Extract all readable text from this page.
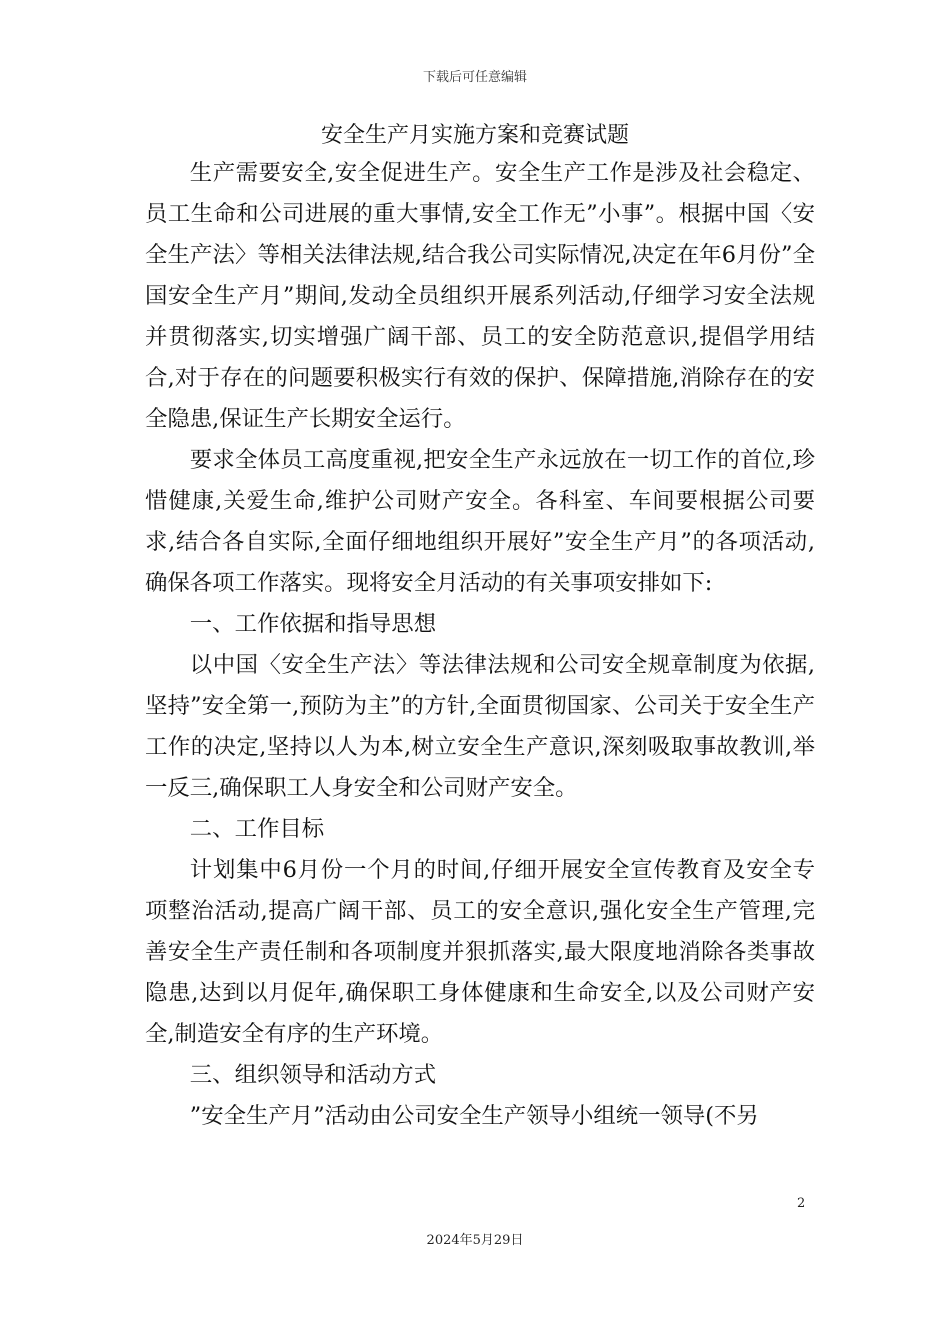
下载后可任意编辑
安全生产月实施方案和竞赛试题

生产需要安全,安全促进生产。安全生产工作是涉及社会稳定、员工生命和公司进展的重大事情,安全工作无”小事”。根据中国〈安全生产法〉等相关法律法规,结合我公司实际情况,决定在年6月份”全国安全生产月”期间,发动全员组织开展系列活动,仔细学习安全法规并贯彻落实,切实增强广阔干部、员工的安全防范意识,提倡学用结合,对于存在的问题要积极实行有效的保护、保障措施,消除存在的安全隐患,保证生产长期安全运行。

要求全体员工高度重视,把安全生产永远放在一切工作的首位,珍惜健康,关爱生命,维护公司财产安全。各科室、车间要根据公司要求,结合各自实际,全面仔细地组织开展好”安全生产月”的各项活动,确保各项工作落实。现将安全月活动的有关事项安排如下:

一、工作依据和指导思想

以中国〈安全生产法〉等法律法规和公司安全规章制度为依据,坚持”安全第一,预防为主”的方针,全面贯彻国家、公司关于安全生产工作的决定,坚持以人为本,树立安全生产意识,深刻吸取事故教训,举一反三,确保职工人身安全和公司财产安全。

二、工作目标

计划集中6月份一个月的时间,仔细开展安全宣传教育及安全专项整治活动,提高广阔干部、员工的安全意识,强化安全生产管理,完善安全生产责任制和各项制度并狠抓落实,最大限度地消除各类事故隐患,达到以月促年,确保职工身体健康和生命安全,以及公司财产安全,制造安全有序的生产环境。

三、组织领导和活动方式

”安全生产月”活动由公司安全生产领导小组统一领导(不另

2
2024年5月29日
